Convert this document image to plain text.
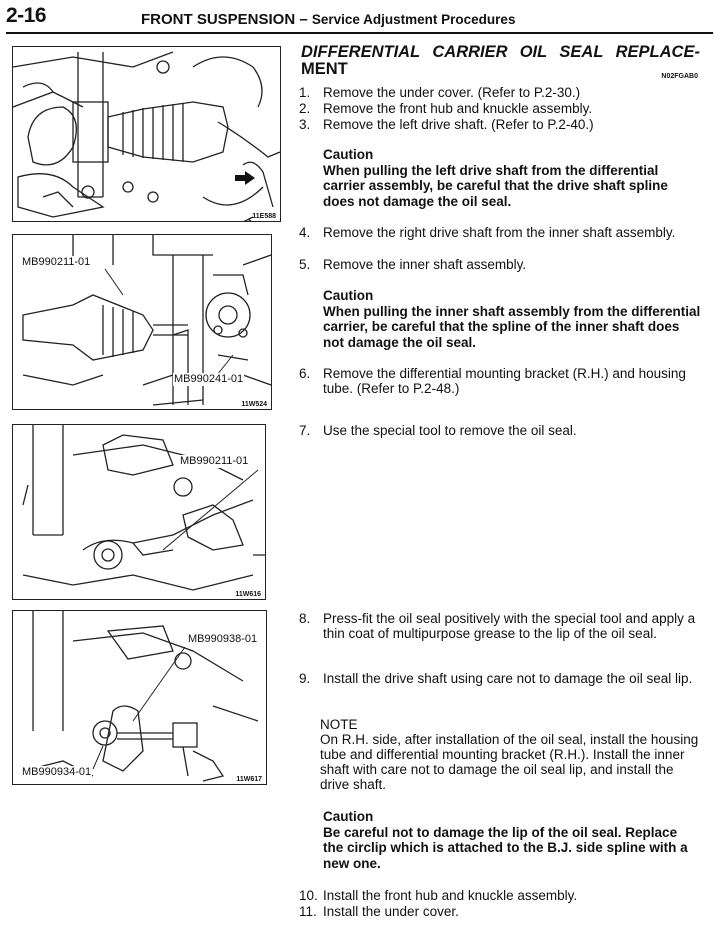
2-16	FRONT SUSPENSION – Service Adjustment Procedures
11E588
MB990211-01
MB990241-01
11W524
MB990211-01
11W616
MB990938-01
MB990934-01
11W617
DIFFERENTIAL CARRIER OIL SEAL REPLACE-
MENT	N02FGAB0
1. Remove the under cover. (Refer to P.2-30.)
2. Remove the front hub and knuckle assembly.
3. Remove the left drive shaft. (Refer to P.2-40.)
Caution
When pulling the left drive shaft from the differential carrier assembly, be careful that the drive shaft spline does not damage the oil seal.
4. Remove the right drive shaft from the inner shaft assembly.
5. Remove the inner shaft assembly.
Caution
When pulling the inner shaft assembly from the differential carrier, be careful that the spline of the inner shaft does not damage the oil seal.
6. Remove the differential mounting bracket (R.H.) and housing tube. (Refer to P.2-48.)
7. Use the special tool to remove the oil seal.
8. Press-fit the oil seal positively with the special tool and apply a thin coat of multipurpose grease to the lip of the oil seal.
9. Install the drive shaft using care not to damage the oil seal lip.
NOTE
On R.H. side, after installation of the oil seal, install the housing tube and differential mounting bracket (R.H.). Install the inner shaft with care not to damage the oil seal lip, and install the drive shaft.
Caution
Be careful not to damage the lip of the oil seal. Replace the circlip which is attached to the B.J. side spline with a new one.
10. Install the front hub and knuckle assembly.
11. Install the under cover.
